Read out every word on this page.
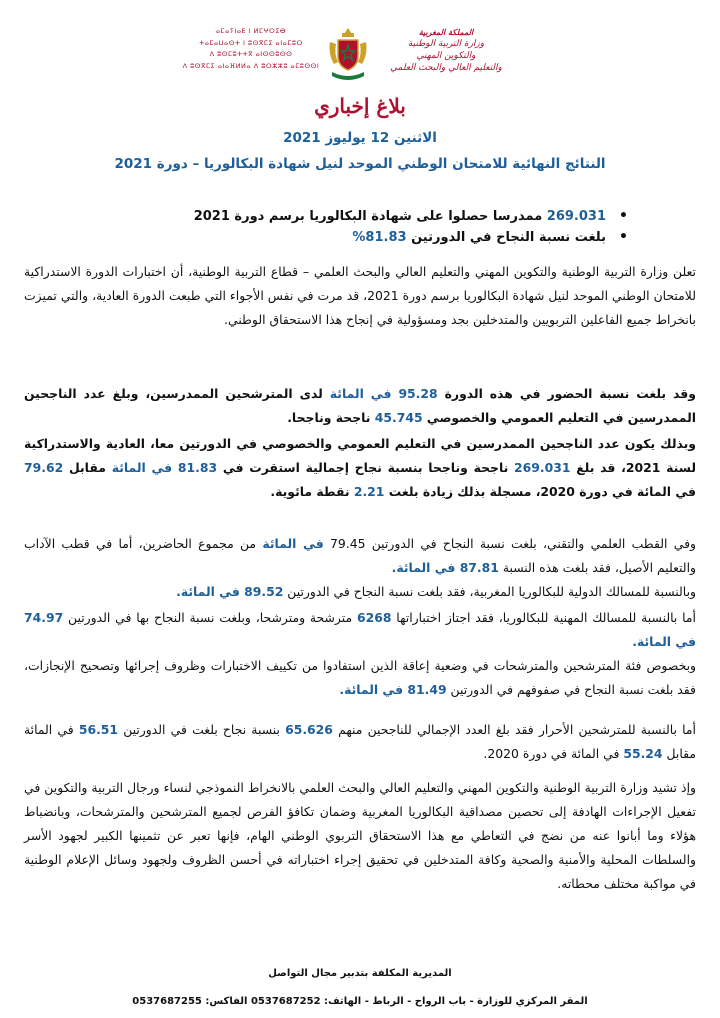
ⴰⵎⴰⵢⵏⴰⴹ ⵏ ⵍⵎⵖⵔⵉⴱ
ⵜⴰⵎⴰⵡⴰⵙⵜ ⵏ ⵓⵙⴳⵎⵉ ⴰⵏⴰⵎⵓⵔ
ⴷ ⵓⵙⵎⵓⵜⵜⴳ ⴰⵏⵙⵙⵓⵙⵙ
ⴷ ⵓⵙⴳⵎⵉ ⴰⵏⴰⴼⵍⵍⴰ ⴷ ⵓⵔⵣⵣⵓ ⴰⵎⵓⵙⵙⵏ
المملكة المغربية
وزارة التربية الوطنية
والتكوين المهني
والتعليم العالي والبحث العلمي
بلاغ إخباري
الاثنين 12 يوليوز 2021
النتائج النهائية للامتحان الوطني الموحد لنيل شهادة البكالوريا – دورة 2021
• 269.031 ممدرسا حصلوا على شهادة البكالوريا برسم دورة 2021
• بلغت نسبة النجاح في الدورتين 81.83%

تعلن وزارة التربية الوطنية والتكوين المهني والتعليم العالي والبحث العلمي – قطاع التربية الوطنية، أن اختبارات الدورة الاستدراكية للامتحان الوطني الموحد لنيل شهادة البكالوريا برسم دورة 2021، قد مرت في نفس الأجواء التي طبعت الدورة العادية، والتي تميزت بانخراط جميع الفاعلين التربويين والمتدخلين بجد ومسؤولية في إنجاح هذا الاستحقاق الوطني.

وقد بلغت نسبة الحضور في هذه الدورة 95.28 في المائة لدى المترشحين الممدرسين، وبلغ عدد الناجحين الممدرسين في التعليم العمومي والخصوصي 45.745 ناجحة وناجحا.

وبذلك يكون عدد الناجحين الممدرسين في التعليم العمومي والخصوصي في الدورتين معا، العادية والاستدراكية لسنة 2021، قد بلغ 269.031 ناجحة وناجحا بنسبة نجاح إجمالية استقرت في 81.83 في المائة مقابل 79.62 في المائة في دورة 2020، مسجلة بذلك زيادة بلغت 2.21 نقطة مائوية.

وفي القطب العلمي والتقني، بلغت نسبة النجاح في الدورتين 79.45 في المائة من مجموع الحاضرين، أما في قطب الآداب والتعليم الأصيل، فقد بلغت هذه النسبة 87.81 في المائة.

وبالنسبة للمسالك الدولية للبكالوريا المغربية، فقد بلغت نسبة النجاح في الدورتين 89.52 في المائة.

أما بالنسبة للمسالك المهنية للبكالوريا، فقد اجتاز اختباراتها 6268 مترشحة ومترشحا، وبلغت نسبة النجاح بها في الدورتين 74.97 في المائة.

وبخصوص فئة المترشحين والمترشحات في وضعية إعاقة الذين استفادوا من تكييف الاختبارات وظروف إجرائها وتصحيح الإنجازات، فقد بلغت نسبة النجاح في صفوفهم في الدورتين 81.49 في المائة.

أما بالنسبة للمترشحين الأحرار فقد بلغ العدد الإجمالي للناجحين منهم 65.626 بنسبة نجاح بلغت في الدورتين 56.51 في المائة مقابل 55.24 في المائة في دورة 2020.

وإذ تشيد وزارة التربية الوطنية والتكوين المهني والتعليم العالي والبحث العلمي بالانخراط النموذجي لنساء ورجال التربية والتكوين في تفعيل الإجراءات الهادفة إلى تحصين مصداقية البكالوريا المغربية وضمان تكافؤ الفرص لجميع المترشحين والمترشحات، وبانضباط هؤلاء وما أبانوا عنه من نضج في التعاطي مع هذا الاستحقاق التربوي الوطني الهام، فإنها تعبر عن تثمينها الكبير لجهود الأسر والسلطات المحلية والأمنية والصحية وكافة المتدخلين في تحقيق إجراء اختباراته في أحسن الظروف ولجهود وسائل الإعلام الوطنية في مواكبة مختلف محطاته.

المديرية المكلفة بتدبير مجال التواصل
المقر المركزي للوزارة - باب الرواح - الرباط - الهاتف: 0537687252 الفاكس: 0537687255
